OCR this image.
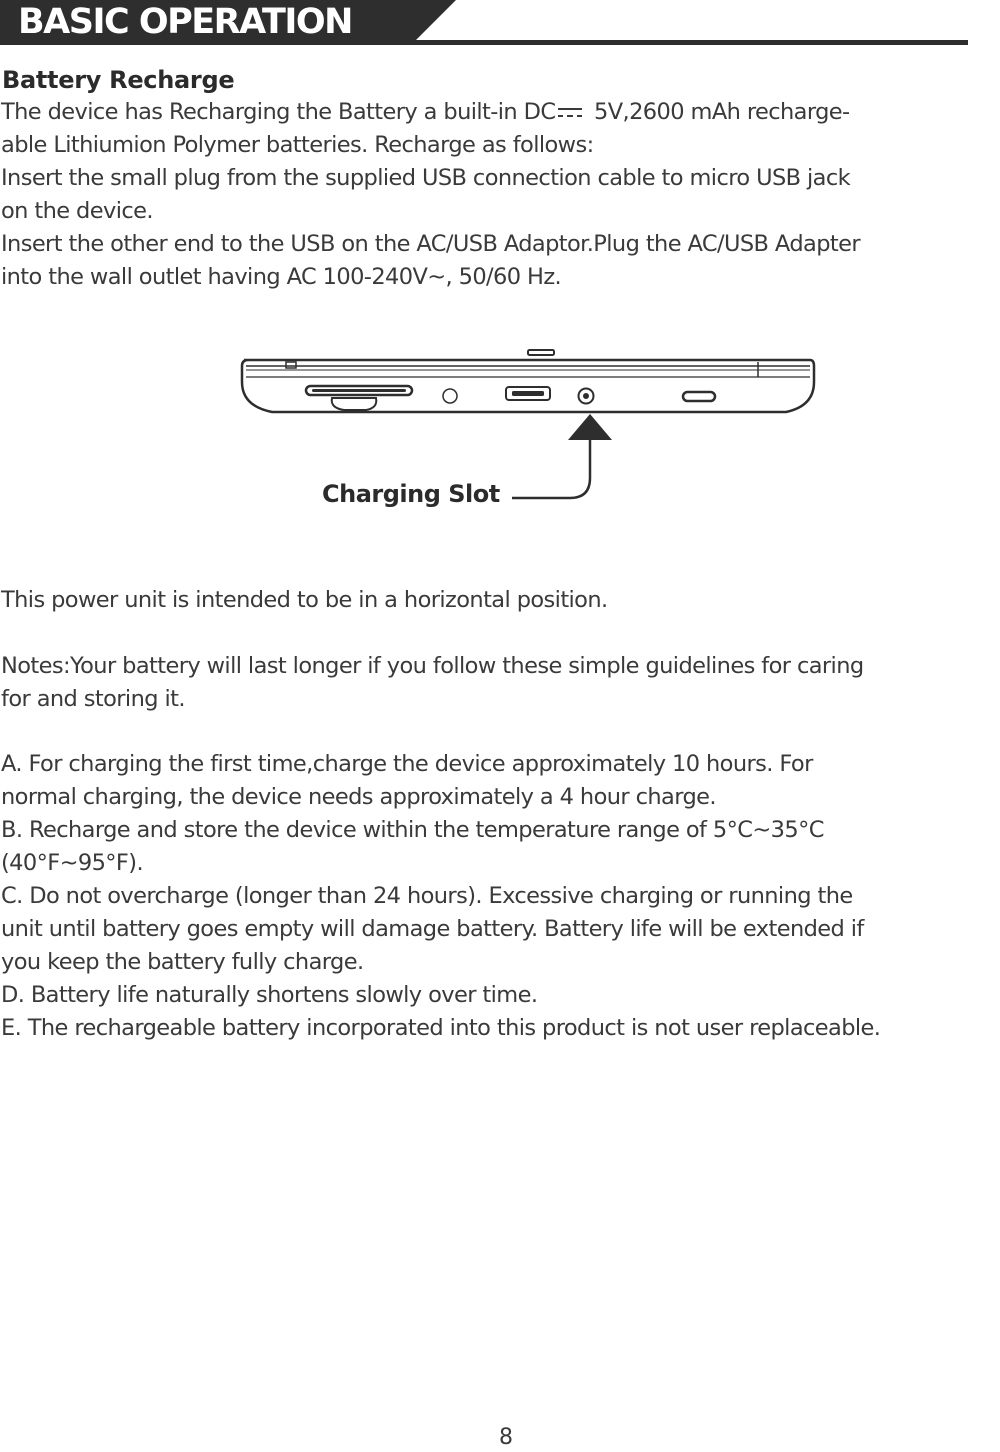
BASIC OPERATION
Battery Recharge
The device has Recharging the Battery a built-in DC
5V,2600 mAh recharge-
able Lithiumion Polymer batteries. Recharge as follows:
Insert the small plug from the supplied USB connection cable to micro USB jack
on the device.
Insert the other end to the USB on the AC/USB Adaptor.Plug the AC/USB Adapter
into the wall outlet having AC 100-240V~, 50/60 Hz.
Charging Slot
This power unit is intended to be in a horizontal position.
Notes:Your battery will last longer if you follow these simple guidelines for caring
for and storing it.
A. For charging the first time,charge the device approximately 10 hours. For
normal charging, the device needs approximately a 4 hour charge.
B. Recharge and store the device within the temperature range of 5°C~35°C
(40°F~95°F).
C. Do not overcharge (longer than 24 hours). Excessive charging or running the
unit until battery goes empty will damage battery. Battery life will be extended if
you keep the battery fully charge.
D. Battery life naturally shortens slowly over time.
E. The rechargeable battery incorporated into this product is not user replaceable.
8
